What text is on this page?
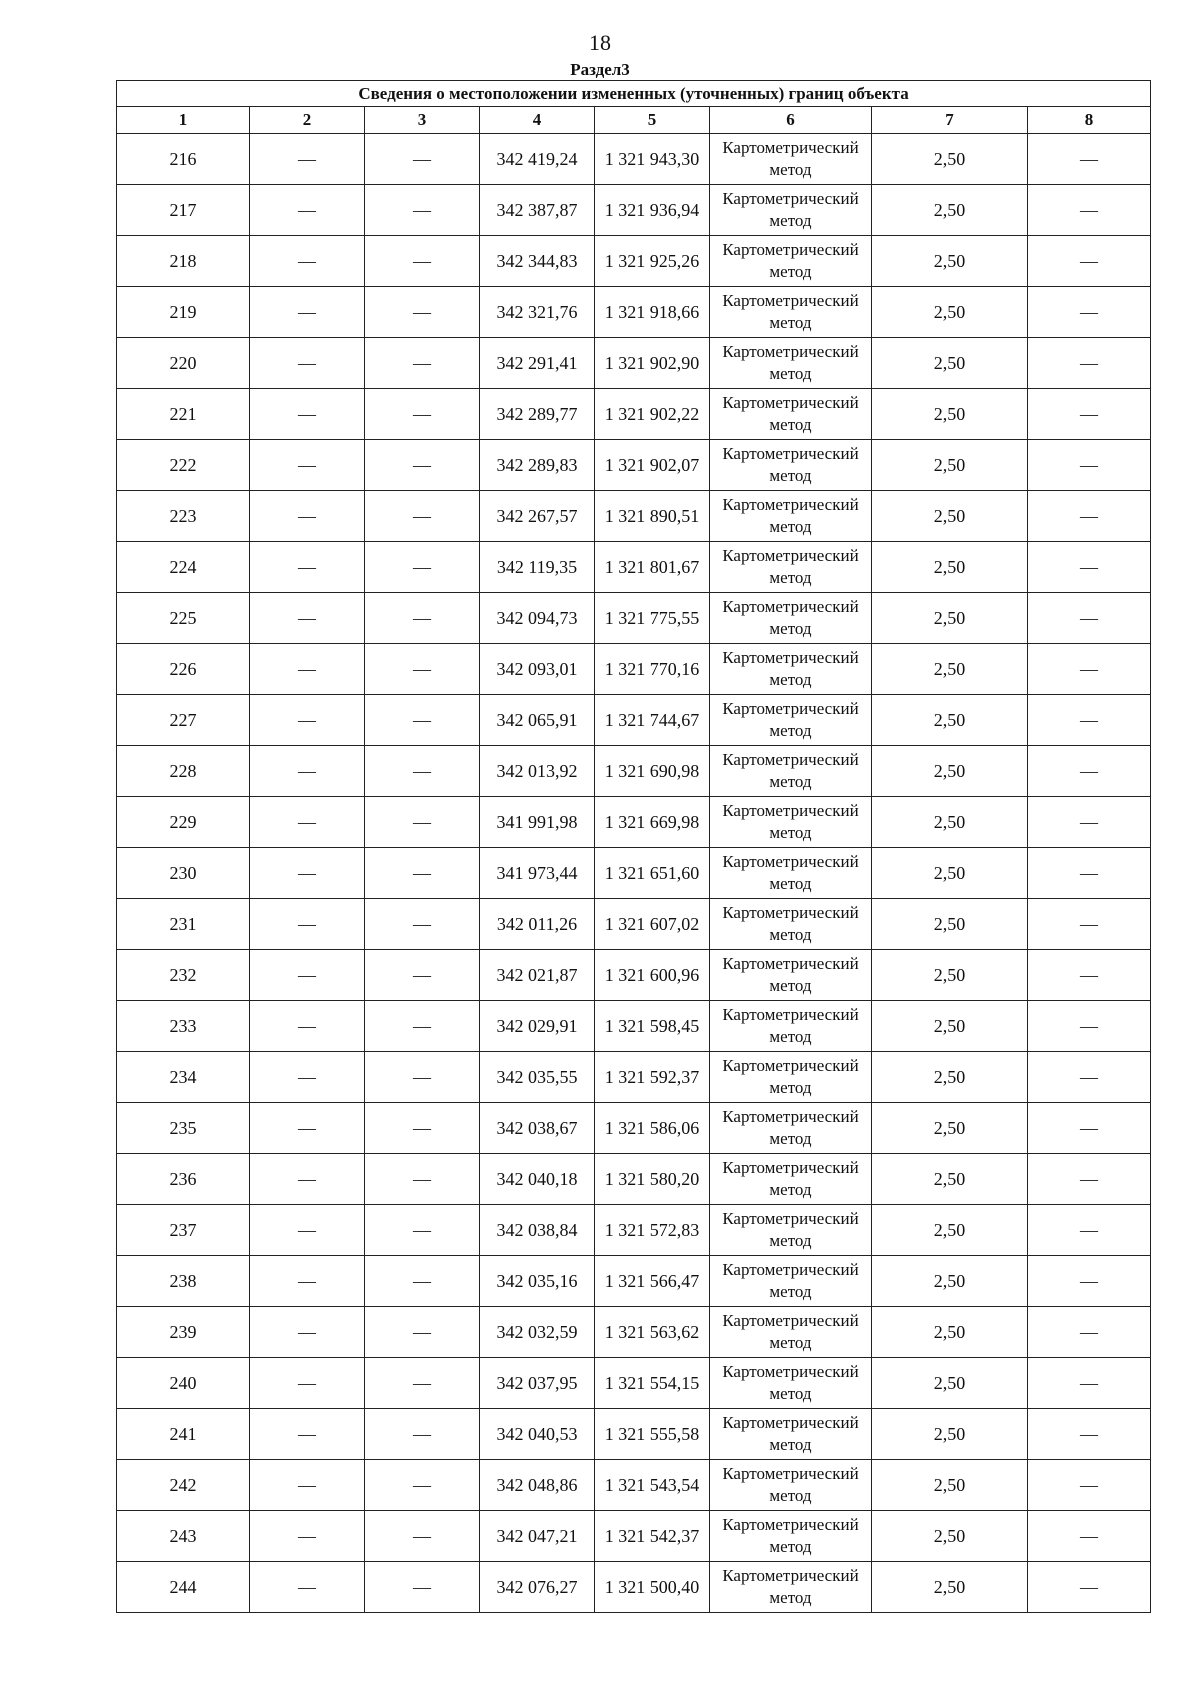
18
Раздел3
Сведения о местоположении измененных (уточненных) границ объекта							
1	2	3	4	5	6	7	8
216	—	—	342 419,24	1 321 943,30	Картометрический метод	2,50	—
217	—	—	342 387,87	1 321 936,94	Картометрический метод	2,50	—
218	—	—	342 344,83	1 321 925,26	Картометрический метод	2,50	—
219	—	—	342 321,76	1 321 918,66	Картометрический метод	2,50	—
220	—	—	342 291,41	1 321 902,90	Картометрический метод	2,50	—
221	—	—	342 289,77	1 321 902,22	Картометрический метод	2,50	—
222	—	—	342 289,83	1 321 902,07	Картометрический метод	2,50	—
223	—	—	342 267,57	1 321 890,51	Картометрический метод	2,50	—
224	—	—	342 119,35	1 321 801,67	Картометрический метод	2,50	—
225	—	—	342 094,73	1 321 775,55	Картометрический метод	2,50	—
226	—	—	342 093,01	1 321 770,16	Картометрический метод	2,50	—
227	—	—	342 065,91	1 321 744,67	Картометрический метод	2,50	—
228	—	—	342 013,92	1 321 690,98	Картометрический метод	2,50	—
229	—	—	341 991,98	1 321 669,98	Картометрический метод	2,50	—
230	—	—	341 973,44	1 321 651,60	Картометрический метод	2,50	—
231	—	—	342 011,26	1 321 607,02	Картометрический метод	2,50	—
232	—	—	342 021,87	1 321 600,96	Картометрический метод	2,50	—
233	—	—	342 029,91	1 321 598,45	Картометрический метод	2,50	—
234	—	—	342 035,55	1 321 592,37	Картометрический метод	2,50	—
235	—	—	342 038,67	1 321 586,06	Картометрический метод	2,50	—
236	—	—	342 040,18	1 321 580,20	Картометрический метод	2,50	—
237	—	—	342 038,84	1 321 572,83	Картометрический метод	2,50	—
238	—	—	342 035,16	1 321 566,47	Картометрический метод	2,50	—
239	—	—	342 032,59	1 321 563,62	Картометрический метод	2,50	—
240	—	—	342 037,95	1 321 554,15	Картометрический метод	2,50	—
241	—	—	342 040,53	1 321 555,58	Картометрический метод	2,50	—
242	—	—	342 048,86	1 321 543,54	Картометрический метод	2,50	—
243	—	—	342 047,21	1 321 542,37	Картометрический метод	2,50	—
244	—	—	342 076,27	1 321 500,40	Картометрический метод	2,50	—
